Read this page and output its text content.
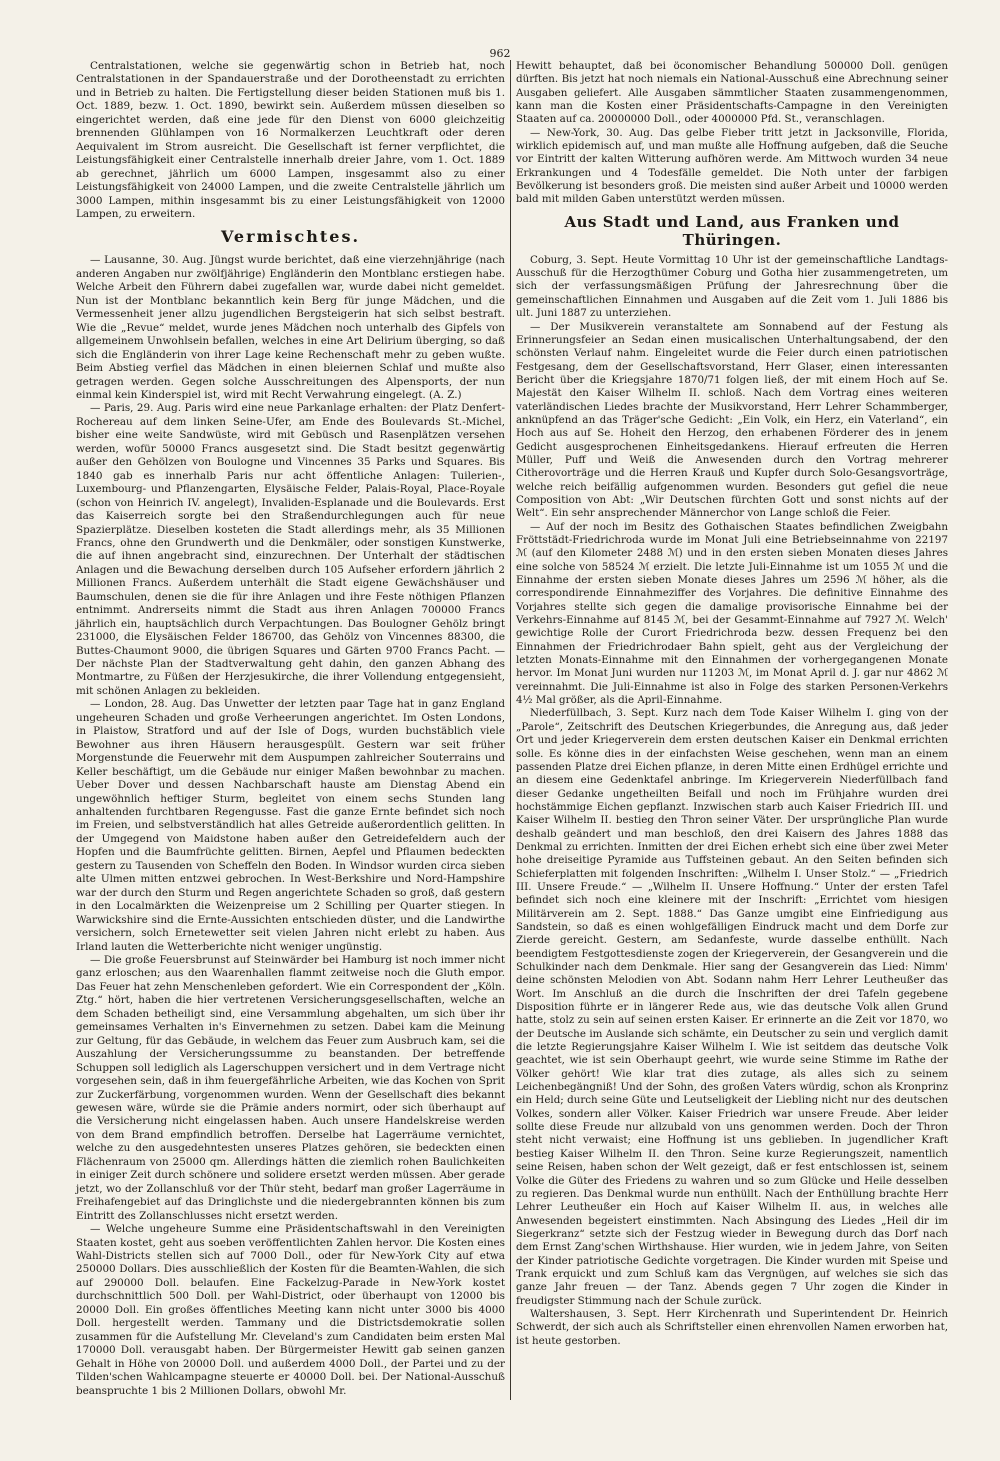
962

Centralstationen, welche sie gegenwärtig schon in Betrieb hat, noch Centralstationen in der Spandauerstraße und der Dorotheenstadt zu errichten und in Betrieb zu halten. Die Fertigstellung dieser beiden Stationen muß bis 1. Oct. 1889, bezw. 1. Oct. 1890, bewirkt sein. Außerdem müssen dieselben so eingerichtet werden, daß eine jede für den Dienst von 6000 gleichzeitig brennenden Glühlampen von 16 Normalkerzen Leuchtkraft oder deren Aequivalent im Strom ausreicht. Die Gesellschaft ist ferner verpflichtet, die Leistungsfähigkeit einer Centralstelle innerhalb dreier Jahre, vom 1. Oct. 1889 ab gerechnet, jährlich um 6000 Lampen, insgesammt also zu einer Leistungsfähigkeit von 24000 Lampen, und die zweite Centralstelle jährlich um 3000 Lampen, mithin insgesammt bis zu einer Leistungsfähigkeit von 12000 Lampen, zu erweitern.

Vermischtes.

— Lausanne, 30. Aug. Jüngst wurde berichtet, daß eine vierzehnjährige (nach anderen Angaben nur zwölfjährige) Engländerin den Montblanc erstiegen habe. Welche Arbeit den Führern dabei zugefallen war, wurde dabei nicht gemeldet. Nun ist der Montblanc bekanntlich kein Berg für junge Mädchen, und die Vermessenheit jener allzu jugendlichen Bergsteigerin hat sich selbst bestraft. Wie die „Revue“ meldet, wurde jenes Mädchen noch unterhalb des Gipfels von allgemeinem Unwohlsein befallen, welches in eine Art Delirium überging, so daß sich die Engländerin von ihrer Lage keine Rechenschaft mehr zu geben wußte. Beim Abstieg verfiel das Mädchen in einen bleiernen Schlaf und mußte also getragen werden. Gegen solche Ausschreitungen des Alpensports, der nun einmal kein Kinderspiel ist, wird mit Recht Verwahrung eingelegt. (A. Z.)

— Paris, 29. Aug. Paris wird eine neue Parkanlage erhalten: der Platz Denfert-Rochereau auf dem linken Seine-Ufer, am Ende des Boulevards St.-Michel, bisher eine weite Sandwüste, wird mit Gebüsch und Rasenplätzen versehen werden, wofür 50000 Francs ausgesetzt sind. Die Stadt besitzt gegenwärtig außer den Gehölzen von Boulogne und Vincennes 35 Parks und Squares. Bis 1840 gab es innerhalb Paris nur acht öffentliche Anlagen: Tuilerien-, Luxembourg- und Pflanzengarten, Elysäische Felder, Palais-Royal, Place-Royale (schon von Heinrich IV. angelegt), Invaliden-Esplanade und die Boulevards. Erst das Kaiserreich sorgte bei den Straßendurchlegungen auch für neue Spazierplätze. Dieselben kosteten die Stadt allerdings mehr, als 35 Millionen Francs, ohne den Grundwerth und die Denkmäler, oder sonstigen Kunstwerke, die auf ihnen angebracht sind, einzurechnen. Der Unterhalt der städtischen Anlagen und die Bewachung derselben durch 105 Aufseher erfordern jährlich 2 Millionen Francs. Außerdem unterhält die Stadt eigene Gewächshäuser und Baumschulen, denen sie die für ihre Anlagen und ihre Feste nöthigen Pflanzen entnimmt. Andrerseits nimmt die Stadt aus ihren Anlagen 700000 Francs jährlich ein, hauptsächlich durch Verpachtungen. Das Boulogner Gehölz bringt 231000, die Elysäischen Felder 186700, das Gehölz von Vincennes 88300, die Buttes-Chaumont 9000, die übrigen Squares und Gärten 9700 Francs Pacht. — Der nächste Plan der Stadtverwaltung geht dahin, den ganzen Abhang des Montmartre, zu Füßen der Herzjesukirche, die ihrer Vollendung entgegensieht, mit schönen Anlagen zu bekleiden.

— London, 28. Aug. Das Unwetter der letzten paar Tage hat in ganz England ungeheuren Schaden und große Verheerungen angerichtet. Im Osten Londons, in Plaistow, Stratford und auf der Isle of Dogs, wurden buchstäblich viele Bewohner aus ihren Häusern herausgespült. Gestern war seit früher Morgenstunde die Feuerwehr mit dem Auspumpen zahlreicher Souterrains und Keller beschäftigt, um die Gebäude nur einiger Maßen bewohnbar zu machen. Ueber Dover und dessen Nachbarschaft hauste am Dienstag Abend ein ungewöhnlich heftiger Sturm, begleitet von einem sechs Stunden lang anhaltenden furchtbaren Regengusse. Fast die ganze Ernte befindet sich noch im Freien, und selbstverständlich hat alles Getreide außerordentlich gelitten. In der Umgegend von Maidstone haben außer den Getreidefeldern auch der Hopfen und die Baumfrüchte gelitten. Birnen, Aepfel und Pflaumen bedeckten gestern zu Tausenden von Scheffeln den Boden. In Windsor wurden circa sieben alte Ulmen mitten entzwei gebrochen. In West-Berkshire und Nord-Hampshire war der durch den Sturm und Regen angerichtete Schaden so groß, daß gestern in den Localmärkten die Weizenpreise um 2 Schilling per Quarter stiegen. In Warwickshire sind die Ernte-Aussichten entschieden düster, und die Landwirthe versichern, solch Ernetewetter seit vielen Jahren nicht erlebt zu haben. Aus Irland lauten die Wetterberichte nicht weniger ungünstig.

— Die große Feuersbrunst auf Steinwärder bei Hamburg ist noch immer nicht ganz erloschen; aus den Waarenhallen flammt zeitweise noch die Gluth empor. Das Feuer hat zehn Menschenleben gefordert. Wie ein Correspondent der „Köln. Ztg.“ hört, haben die hier vertretenen Versicherungsgesellschaften, welche an dem Schaden betheiligt sind, eine Versammlung abgehalten, um sich über ihr gemeinsames Verhalten in's Einvernehmen zu setzen. Dabei kam die Meinung zur Geltung, für das Gebäude, in welchem das Feuer zum Ausbruch kam, sei die Auszahlung der Versicherungssumme zu beanstanden. Der betreffende Schuppen soll lediglich als Lagerschuppen versichert und in dem Vertrage nicht vorgesehen sein, daß in ihm feuergefährliche Arbeiten, wie das Kochen von Sprit zur Zuckerfärbung, vorgenommen wurden. Wenn der Gesellschaft dies bekannt gewesen wäre, würde sie die Prämie anders normirt, oder sich überhaupt auf die Versicherung nicht eingelassen haben. Auch unsere Handelskreise werden von dem Brand empfindlich betroffen. Derselbe hat Lagerräume vernichtet, welche zu den ausgedehntesten unseres Platzes gehören, sie bedeckten einen Flächenraum von 25000 qm. Allerdings hätten die ziemlich rohen Baulichkeiten in einiger Zeit durch schönere und solidere ersetzt werden müssen. Aber gerade jetzt, wo der Zollanschluß vor der Thür steht, bedarf man großer Lagerräume in Freihafengebiet auf das Dringlichste und die niedergebrannten können bis zum Eintritt des Zollanschlusses nicht ersetzt werden.

— Welche ungeheure Summe eine Präsidentschaftswahl in den Vereinigten Staaten kostet, geht aus soeben veröffentlichten Zahlen hervor. Die Kosten eines Wahl-Districts stellen sich auf 7000 Doll., oder für New-York City auf etwa 250000 Dollars. Dies ausschließlich der Kosten für die Beamten-Wahlen, die sich auf 290000 Doll. belaufen. Eine Fackelzug-Parade in New-York kostet durchschnittlich 500 Doll. per Wahl-District, oder überhaupt von 12000 bis 20000 Doll. Ein großes öffentliches Meeting kann nicht unter 3000 bis 4000 Doll. hergestellt werden. Tammany und die Districtsdemokratie sollen zusammen für die Aufstellung Mr. Cleveland's zum Candidaten beim ersten Mal 170000 Doll. verausgabt haben. Der Bürgermeister Hewitt gab seinen ganzen Gehalt in Höhe von 20000 Doll. und außerdem 4000 Doll., der Partei und zu der Tilden'schen Wahlcampagne steuerte er 40000 Doll. bei. Der National-Ausschuß beanspruchte 1 bis 2 Millionen Dollars, obwohl Mr.

Hewitt behauptet, daß bei öconomischer Behandlung 500000 Doll. genügen dürften. Bis jetzt hat noch niemals ein National-Ausschuß eine Abrechnung seiner Ausgaben geliefert. Alle Ausgaben sämmtlicher Staaten zusammengenommen, kann man die Kosten einer Präsidentschafts-Campagne in den Vereinigten Staaten auf ca. 20000000 Doll., oder 4000000 Pfd. St., veranschlagen.

— New-York, 30. Aug. Das gelbe Fieber tritt jetzt in Jacksonville, Florida, wirklich epidemisch auf, und man mußte alle Hoffnung aufgeben, daß die Seuche vor Eintritt der kalten Witterung aufhören werde. Am Mittwoch wurden 34 neue Erkrankungen und 4 Todesfälle gemeldet. Die Noth unter der farbigen Bevölkerung ist besonders groß. Die meisten sind außer Arbeit und 10000 werden bald mit milden Gaben unterstützt werden müssen.

Aus Stadt und Land, aus Franken und Thüringen.

Coburg, 3. Sept. Heute Vormittag 10 Uhr ist der gemeinschaftliche Landtags-Ausschuß für die Herzogthümer Coburg und Gotha hier zusammengetreten, um sich der verfassungsmäßigen Prüfung der Jahresrechnung über die gemeinschaftlichen Einnahmen und Ausgaben auf die Zeit vom 1. Juli 1886 bis ult. Juni 1887 zu unterziehen.

— Der Musikverein veranstaltete am Sonnabend auf der Festung als Erinnerungsfeier an Sedan einen musicalischen Unterhaltungsabend, der den schönsten Verlauf nahm. Eingeleitet wurde die Feier durch einen patriotischen Festgesang, dem der Gesellschaftsvorstand, Herr Glaser, einen interessanten Bericht über die Kriegsjahre 1870/71 folgen ließ, der mit einem Hoch auf Se. Majestät den Kaiser Wilhelm II. schloß. Nach dem Vortrag eines weiteren vaterländischen Liedes brachte der Musikvorstand, Herr Lehrer Schammberger, anknüpfend an das Träger'sche Gedicht: „Ein Volk, ein Herz, ein Vaterland“, ein Hoch aus auf Se. Hoheit den Herzog, den erhabenen Förderer des in jenem Gedicht ausgesprochenen Einheitsgedankens. Hierauf erfreuten die Herren Müller, Puff und Weiß die Anwesenden durch den Vortrag mehrerer Citherovorträge und die Herren Krauß und Kupfer durch Solo-Gesangsvorträge, welche reich beifällig aufgenommen wurden. Besonders gut gefiel die neue Composition von Abt: „Wir Deutschen fürchten Gott und sonst nichts auf der Welt“. Ein sehr ansprechender Männerchor von Lange schloß die Feier.

— Auf der noch im Besitz des Gothaischen Staates befindlichen Zweigbahn Fröttstädt-Friedrichroda wurde im Monat Juli eine Betriebseinnahme von 22197 ℳ (auf den Kilometer 2488 ℳ) und in den ersten sieben Monaten dieses Jahres eine solche von 58524 ℳ erzielt. Die letzte Juli-Einnahme ist um 1055 ℳ und die Einnahme der ersten sieben Monate dieses Jahres um 2596 ℳ höher, als die correspondirende Einnahmeziffer des Vorjahres. Die definitive Einnahme des Vorjahres stellte sich gegen die damalige provisorische Einnahme bei der Verkehrs-Einnahme auf 8145 ℳ, bei der Gesammt-Einnahme auf 7927 ℳ. Welch' gewichtige Rolle der Curort Friedrichroda bezw. dessen Frequenz bei den Einnahmen der Friedrichrodaer Bahn spielt, geht aus der Vergleichung der letzten Monats-Einnahme mit den Einnahmen der vorhergegangenen Monate hervor. Im Monat Juni wurden nur 11203 ℳ, im Monat April d. J. gar nur 4862 ℳ vereinnahmt. Die Juli-Einnahme ist also in Folge des starken Personen-Verkehrs 4½ Mal größer, als die April-Einnahme.

Niederfüllbach, 3. Sept. Kurz nach dem Tode Kaiser Wilhelm I. ging von der „Parole“, Zeitschrift des Deutschen Kriegerbundes, die Anregung aus, daß jeder Ort und jeder Kriegerverein dem ersten deutschen Kaiser ein Denkmal errichten solle. Es könne dies in der einfachsten Weise geschehen, wenn man an einem passenden Platze drei Eichen pflanze, in deren Mitte einen Erdhügel errichte und an diesem eine Gedenktafel anbringe. Im Kriegerverein Niederfüllbach fand dieser Gedanke ungetheilten Beifall und noch im Frühjahre wurden drei hochstämmige Eichen gepflanzt. Inzwischen starb auch Kaiser Friedrich III. und Kaiser Wilhelm II. bestieg den Thron seiner Väter. Der ursprüngliche Plan wurde deshalb geändert und man beschloß, den drei Kaisern des Jahres 1888 das Denkmal zu errichten. Inmitten der drei Eichen erhebt sich eine über zwei Meter hohe dreiseitige Pyramide aus Tuffsteinen gebaut. An den Seiten befinden sich Schieferplatten mit folgenden Inschriften: „Wilhelm I. Unser Stolz.“ — „Friedrich III. Unsere Freude.“ — „Wilhelm II. Unsere Hoffnung.“ Unter der ersten Tafel befindet sich noch eine kleinere mit der Inschrift: „Errichtet vom hiesigen Militärverein am 2. Sept. 1888.“ Das Ganze umgibt eine Einfriedigung aus Sandstein, so daß es einen wohlgefälligen Eindruck macht und dem Dorfe zur Zierde gereicht. Gestern, am Sedanfeste, wurde dasselbe enthüllt. Nach beendigtem Festgottesdienste zogen der Kriegerverein, der Gesangverein und die Schulkinder nach dem Denkmale. Hier sang der Gesangverein das Lied: Nimm' deine schönsten Melodien von Abt. Sodann nahm Herr Lehrer Leutheußer das Wort. Im Anschluß an die durch die Inschriften der drei Tafeln gegebene Disposition führte er in längerer Rede aus, wie das deutsche Volk allen Grund hatte, stolz zu sein auf seinen ersten Kaiser. Er erinnerte an die Zeit vor 1870, wo der Deutsche im Auslande sich schämte, ein Deutscher zu sein und verglich damit die letzte Regierungsjahre Kaiser Wilhelm I. Wie ist seitdem das deutsche Volk geachtet, wie ist sein Oberhaupt geehrt, wie wurde seine Stimme im Rathe der Völker gehört! Wie klar trat dies zutage, als alles sich zu seinem Leichenbegängniß! Und der Sohn, des großen Vaters würdig, schon als Kronprinz ein Held; durch seine Güte und Leutseligkeit der Liebling nicht nur des deutschen Volkes, sondern aller Völker. Kaiser Friedrich war unsere Freude. Aber leider sollte diese Freude nur allzubald von uns genommen werden. Doch der Thron steht nicht verwaist; eine Hoffnung ist uns geblieben. In jugendlicher Kraft bestieg Kaiser Wilhelm II. den Thron. Seine kurze Regierungszeit, namentlich seine Reisen, haben schon der Welt gezeigt, daß er fest entschlossen ist, seinem Volke die Güter des Friedens zu wahren und so zum Glücke und Heile desselben zu regieren. Das Denkmal wurde nun enthüllt. Nach der Enthüllung brachte Herr Lehrer Leutheußer ein Hoch auf Kaiser Wilhelm II. aus, in welches alle Anwesenden begeistert einstimmten. Nach Absingung des Liedes „Heil dir im Siegerkranz“ setzte sich der Festzug wieder in Bewegung durch das Dorf nach dem Ernst Zang'schen Wirthshause. Hier wurden, wie in jedem Jahre, von Seiten der Kinder patriotische Gedichte vorgetragen. Die Kinder wurden mit Speise und Trank erquickt und zum Schluß kam das Vergnügen, auf welches sie sich das ganze Jahr freuen — der Tanz. Abends gegen 7 Uhr zogen die Kinder in freudigster Stimmung nach der Schule zurück.

Waltershausen, 3. Sept. Herr Kirchenrath und Superintendent Dr. Heinrich Schwerdt, der sich auch als Schriftsteller einen ehrenvollen Namen erworben hat, ist heute gestorben.
